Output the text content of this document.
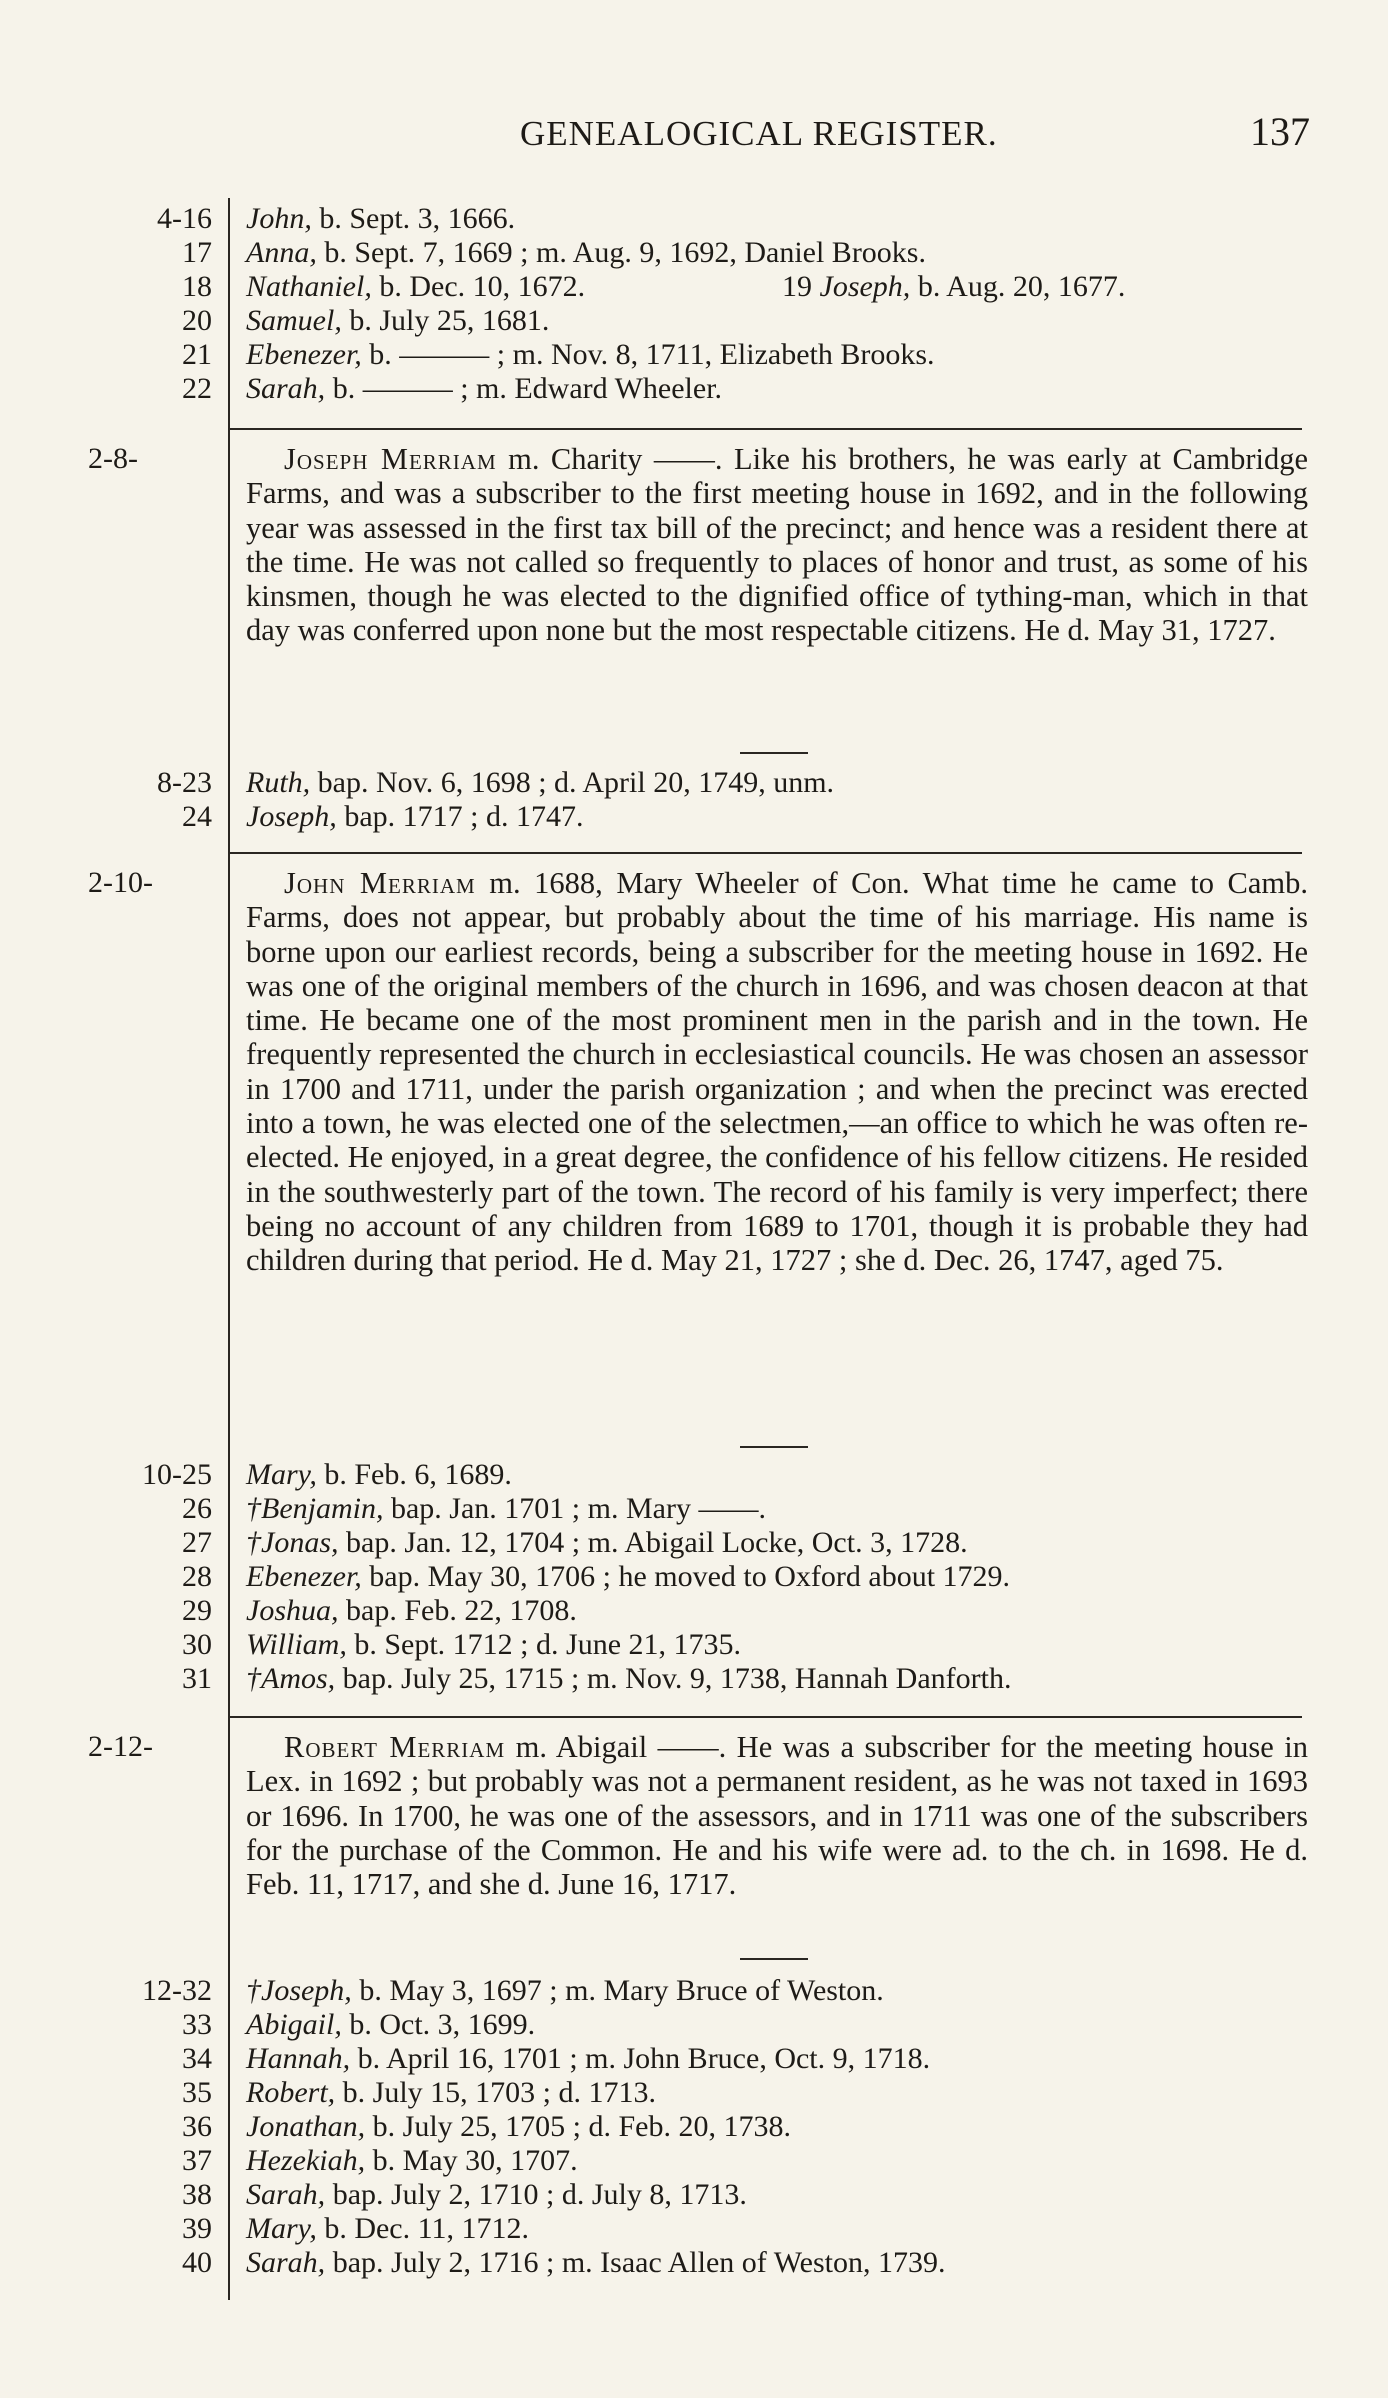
GENEALOGICAL REGISTER.	137
4-16 John, b. Sept. 3, 1666.
17 Anna, b. Sept. 7, 1669 ; m. Aug. 9, 1692, Daniel Brooks.
18 Nathaniel, b. Dec. 10, 1672.	19 Joseph, b. Aug. 20, 1677.
20 Samuel, b. July 25, 1681.
21 Ebenezer, b. ——— ; m. Nov. 8, 1711, Elizabeth Brooks.
22 Sarah, b. ——— ; m. Edward Wheeler.
2-8-	Joseph Merriam m. Charity ——. Like his brothers, he was early at Cambridge Farms, and was a subscriber to the first meeting house in 1692, and in the following year was assessed in the first tax bill of the precinct; and hence was a resident there at the time. He was not called so frequently to places of honor and trust, as some of his kinsmen, though he was elected to the dignified office of tything-man, which in that day was conferred upon none but the most respectable citizens. He d. May 31, 1727.
8-23 Ruth, bap. Nov. 6, 1698 ; d. April 20, 1749, unm.
24 Joseph, bap. 1717 ; d. 1747.
2-10-	John Merriam m. 1688, Mary Wheeler of Con. What time he came to Camb. Farms, does not appear, but probably about the time of his marriage. His name is borne upon our earliest records, being a subscriber for the meeting house in 1692. He was one of the original members of the church in 1696, and was chosen deacon at that time. He became one of the most prominent men in the parish and in the town. He frequently represented the church in ecclesiastical councils. He was chosen an assessor in 1700 and 1711, under the parish organization ; and when the precinct was erected into a town, he was elected one of the selectmen,—an office to which he was often re-elected. He enjoyed, in a great degree, the confidence of his fellow citizens. He resided in the southwesterly part of the town. The record of his family is very imperfect; there being no account of any children from 1689 to 1701, though it is probable they had children during that period. He d. May 21, 1727 ; she d. Dec. 26, 1747, aged 75.
10-25 Mary, b. Feb. 6, 1689.
26 †Benjamin, bap. Jan. 1701 ; m. Mary ——.
27 †Jonas, bap. Jan. 12, 1704 ; m. Abigail Locke, Oct. 3, 1728.
28 Ebenezer, bap. May 30, 1706 ; he moved to Oxford about 1729.
29 Joshua, bap. Feb. 22, 1708.
30 William, b. Sept. 1712 ; d. June 21, 1735.
31 †Amos, bap. July 25, 1715 ; m. Nov. 9, 1738, Hannah Danforth.
2-12-	Robert Merriam m. Abigail ——. He was a subscriber for the meeting house in Lex. in 1692 ; but probably was not a permanent resident, as he was not taxed in 1693 or 1696. In 1700, he was one of the assessors, and in 1711 was one of the subscribers for the purchase of the Common. He and his wife were ad. to the ch. in 1698. He d. Feb. 11, 1717, and she d. June 16, 1717.
12-32 †Joseph, b. May 3, 1697 ; m. Mary Bruce of Weston.
33 Abigail, b. Oct. 3, 1699.
34 Hannah, b. April 16, 1701 ; m. John Bruce, Oct. 9, 1718.
35 Robert, b. July 15, 1703 ; d. 1713.
36 Jonathan, b. July 25, 1705 ; d. Feb. 20, 1738.
37 Hezekiah, b. May 30, 1707.
38 Sarah, bap. July 2, 1710 ; d. July 8, 1713.
39 Mary, b. Dec. 11, 1712.
40 Sarah, bap. July 2, 1716 ; m. Isaac Allen of Weston, 1739.
